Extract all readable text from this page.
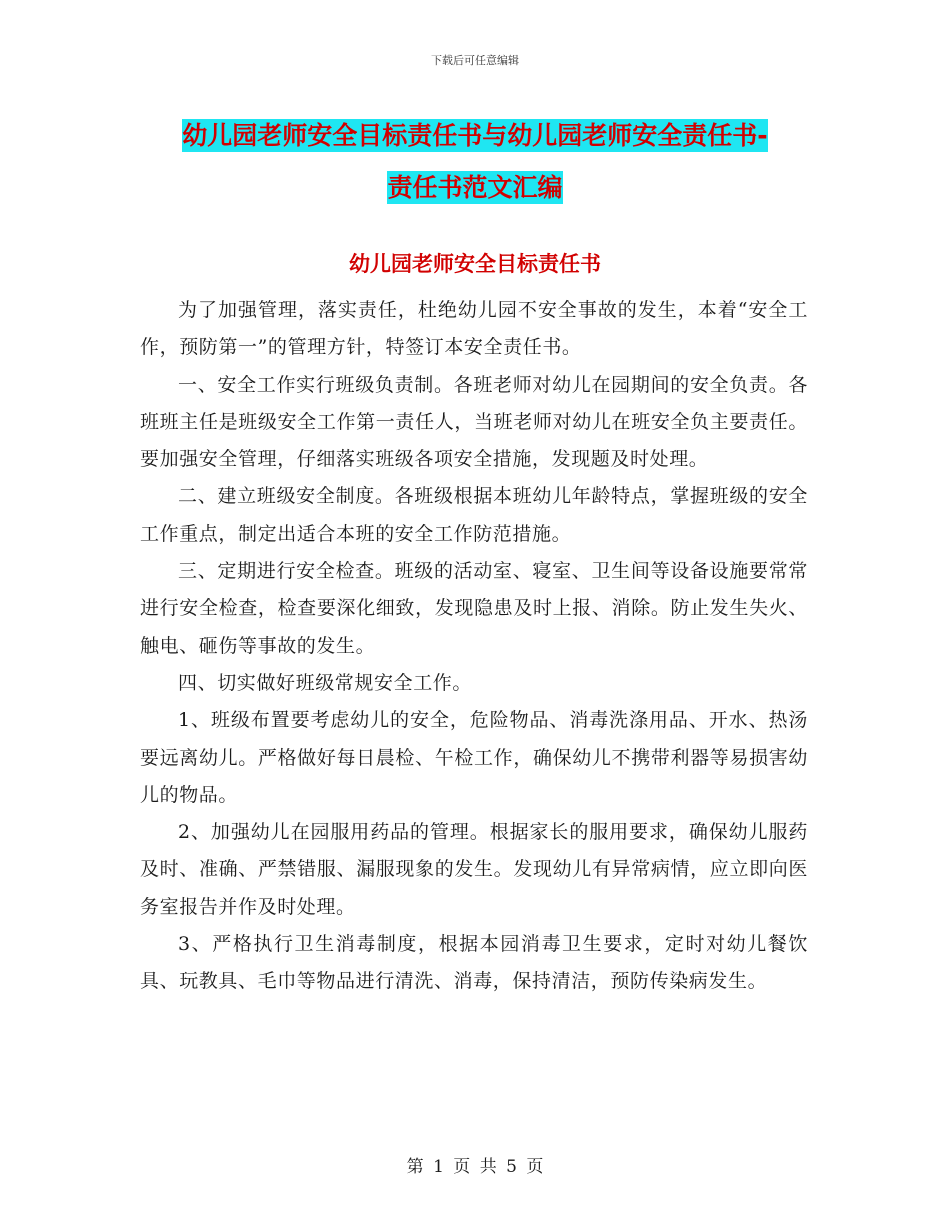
下载后可任意编辑
幼儿园老师安全目标责任书与幼儿园老师安全责任书-
责任书范文汇编
幼儿园老师安全目标责任书

为了加强管理，落实责任，杜绝幼儿园不安全事故的发生，本着“安全工作，预防第一”的管理方针，特签订本安全责任书。

一、安全工作实行班级负责制。各班老师对幼儿在园期间的安全负责。各班班主任是班级安全工作第一责任人，当班老师对幼儿在班安全负主要责任。要加强安全管理，仔细落实班级各项安全措施，发现题及时处理。

二、建立班级安全制度。各班级根据本班幼儿年龄特点，掌握班级的安全工作重点，制定出适合本班的安全工作防范措施。

三、定期进行安全检查。班级的活动室、寝室、卫生间等设备设施要常常进行安全检查，检查要深化细致，发现隐患及时上报、消除。防止发生失火、触电、砸伤等事故的发生。

四、切实做好班级常规安全工作。

1、班级布置要考虑幼儿的安全，危险物品、消毒洗涤用品、开水、热汤要远离幼儿。严格做好每日晨检、午检工作，确保幼儿不携带利器等易损害幼儿的物品。

2、加强幼儿在园服用药品的管理。根据家长的服用要求，确保幼儿服药及时、准确、严禁错服、漏服现象的发生。发现幼儿有异常病情，应立即向医务室报告并作及时处理。

3、严格执行卫生消毒制度，根据本园消毒卫生要求，定时对幼儿餐饮具、玩教具、毛巾等物品进行清洗、消毒，保持清洁，预防传染病发生。

第 1 页 共 5 页
